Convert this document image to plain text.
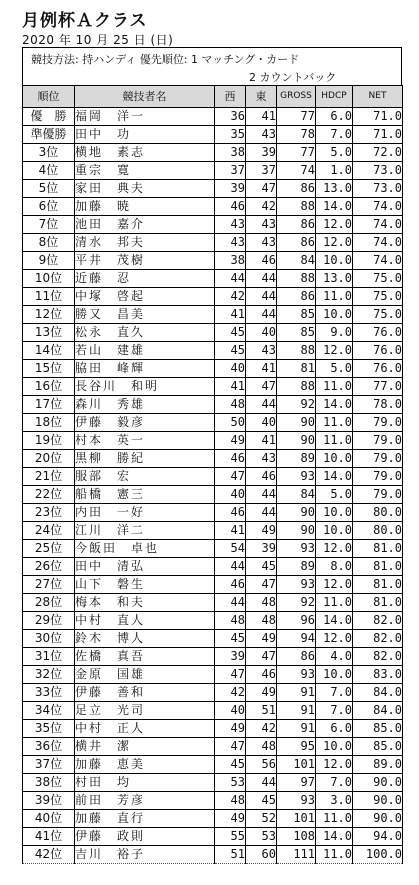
月例杯Ａクラス
2020 年 10 月 25 日 (日)
競技方法: 持ハンディ 優先順位: 1 マッチング・カード
2 カウントバック
順位	競技者名	西	東	GROSS	HDCP	NET
優　勝	福岡　洋一	36	41	77	6.0	71.0
準優勝	田中　功	35	43	78	7.0	71.0
3位	横地　素志	38	39	77	5.0	72.0
4位	重宗　寛	37	37	74	1.0	73.0
5位	家田　典夫	39	47	86	13.0	73.0
6位	加藤　暁	46	42	88	14.0	74.0
7位	池田　嘉介	43	43	86	12.0	74.0
8位	清水　邦夫	43	43	86	12.0	74.0
9位	平井　茂樹	38	46	84	10.0	74.0
10位	近藤　忍	44	44	88	13.0	75.0
11位	中塚　啓起	42	44	86	11.0	75.0
12位	勝又　昌美	41	44	85	10.0	75.0
13位	松永　直久	45	40	85	9.0	76.0
14位	若山　建雄	45	43	88	12.0	76.0
15位	脇田　峰輝	40	41	81	5.0	76.0
16位	長谷川　和明	41	47	88	11.0	77.0
17位	森川　秀雄	48	44	92	14.0	78.0
18位	伊藤　毅彦	50	40	90	11.0	79.0
19位	村本　英一	49	41	90	11.0	79.0
20位	黒柳　勝紀	46	43	89	10.0	79.0
21位	服部　宏	47	46	93	14.0	79.0
22位	船橋　憲三	40	44	84	5.0	79.0
23位	内田　一好	46	44	90	10.0	80.0
24位	江川　洋二	41	49	90	10.0	80.0
25位	今飯田　卓也	54	39	93	12.0	81.0
26位	田中　清弘	44	45	89	8.0	81.0
27位	山下　磐生	46	47	93	12.0	81.0
28位	梅本　和夫	44	48	92	11.0	81.0
29位	中村　直人	48	48	96	14.0	82.0
30位	鈴木　博人	45	49	94	12.0	82.0
31位	佐橋　真吾	39	47	86	4.0	82.0
32位	金原　国雄	47	46	93	10.0	83.0
33位	伊藤　善和	42	49	91	7.0	84.0
34位	足立　光司	40	51	91	7.0	84.0
35位	中村　正人	49	42	91	6.0	85.0
36位	横井　潔	47	48	95	10.0	85.0
37位	加藤　恵美	45	56	101	12.0	89.0
38位	村田　均	53	44	97	7.0	90.0
39位	前田　芳彦	48	45	93	3.0	90.0
40位	加藤　直行	49	52	101	11.0	90.0
41位	伊藤　政則	55	53	108	14.0	94.0
42位	吉川　裕子	51	60	111	11.0	100.0
